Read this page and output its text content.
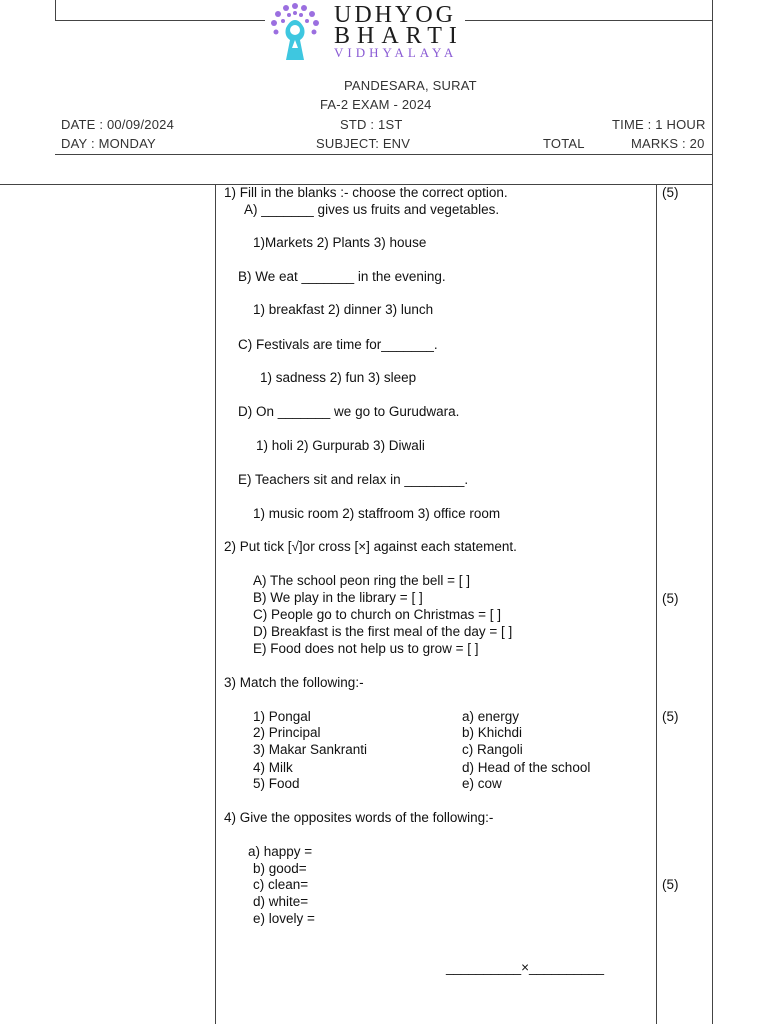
UDHYOG
BHARTI
VIDHYALAYA
PANDESARA, SURAT
FA-2 EXAM - 2024
DATE : 00/09/2024	STD : 1ST	TIME : 1 HOUR
DAY : MONDAY	SUBJECT: ENV	TOTAL	MARKS : 20
1) Fill in the blanks :- choose the correct option.	(5)
A) _______ gives us fruits and vegetables.
1)Markets 2) Plants 3) house
B) We eat _______ in the evening.
1) breakfast 2) dinner 3) lunch
C) Festivals are time for_______.
1) sadness 2) fun 3) sleep
D) On _______ we go to Gurudwara.
1) holi 2) Gurpurab 3) Diwali
E) Teachers sit and relax in ________.
1) music room 2) staffroom 3) office room
2) Put tick [√]or cross [×] against each statement.
A) The school peon ring the bell = [ ]
B) We play in the library = [ ]	(5)
C) People go to church on Christmas = [ ]
D) Breakfast is the first meal of the day = [ ]
E) Food does not help us to grow = [ ]
3) Match the following:-
(5)
1) Pongal	a) energy
2) Principal	b) Khichdi
3) Makar Sankranti	c) Rangoli
4) Milk	d) Head of the school
5) Food	e) cow
4) Give the opposites words of the following:-
a) happy =
b) good=
c) clean=	(5)
d) white=
e) lovely =
__________×__________
